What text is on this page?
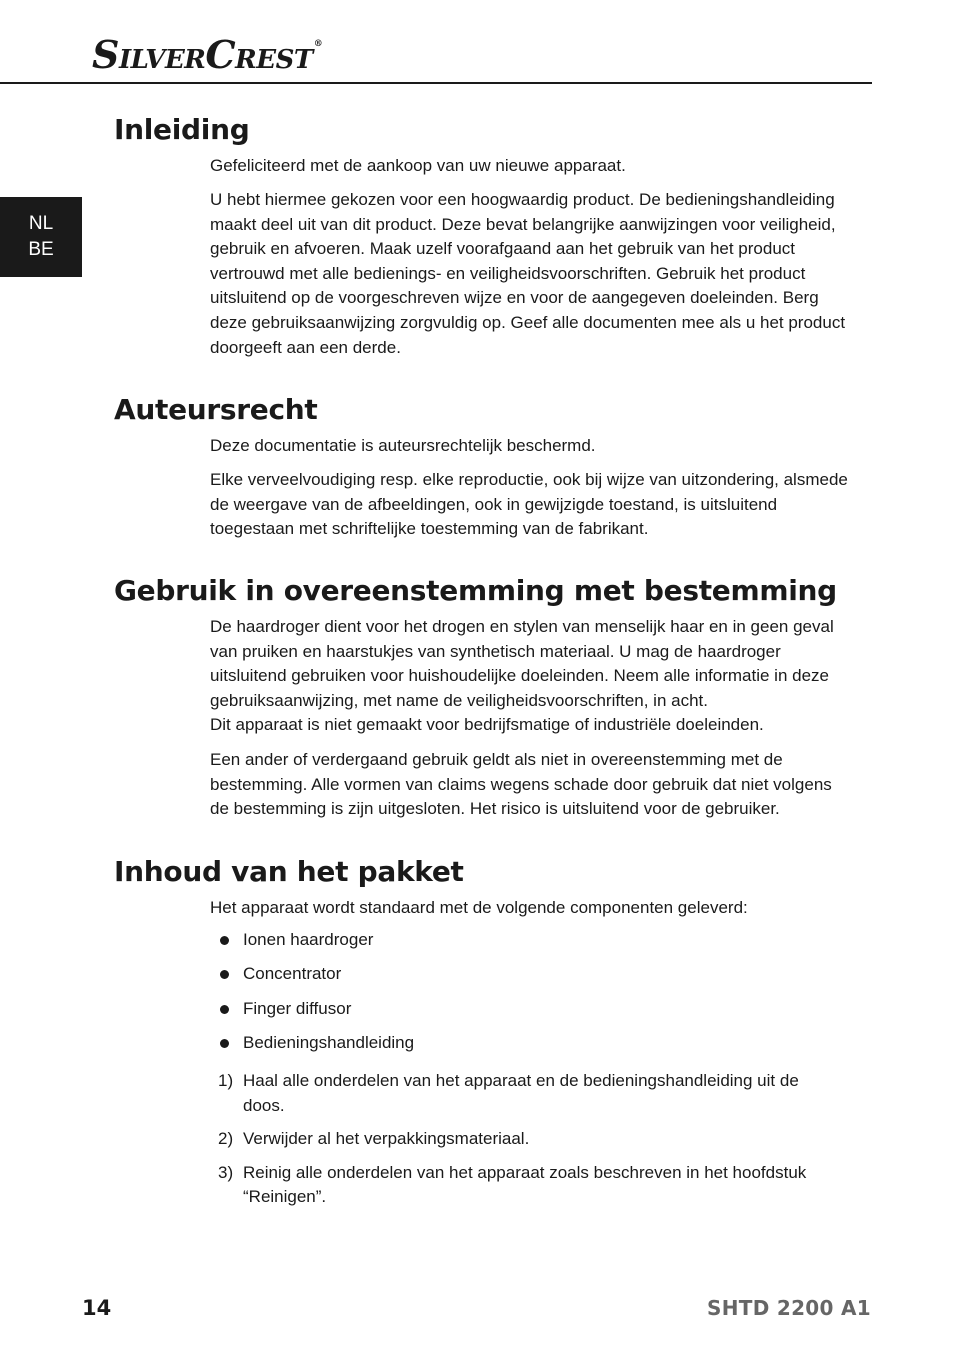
SILVERCREST®
NL
BE
Inleiding

Gefeliciteerd met de aankoop van uw nieuwe apparaat.

U hebt hiermee gekozen voor een hoogwaardig product. De bedieningshandleiding maakt deel uit van dit product. Deze bevat belangrijke aanwijzingen voor veiligheid, gebruik en afvoeren. Maak uzelf voorafgaand aan het gebruik van het product vertrouwd met alle bedienings- en veiligheidsvoorschriften. Gebruik het product uitsluitend op de voorgeschreven wijze en voor de aangegeven doeleinden. Berg deze gebruiksaanwijzing zorgvuldig op. Geef alle documenten mee als u het product doorgeeft aan een derde.

Auteursrecht

Deze documentatie is auteursrechtelijk beschermd.

Elke verveelvoudiging resp. elke reproductie, ook bij wijze van uitzondering, alsmede de weergave van de afbeeldingen, ook in gewijzigde toestand, is uitsluitend toegestaan met schriftelijke toestemming van de fabrikant.

Gebruik in overeenstemming met bestemming
De haardroger dient voor het drogen en stylen van menselijk haar en in geen geval van pruiken en haarstukjes van synthetisch materiaal. U mag de haardroger uitsluitend gebruiken voor huishoudelijke doeleinden. Neem alle informatie in deze gebruiksaanwijzing, met name de veiligheidsvoorschriften, in acht.
Dit apparaat is niet gemaakt voor bedrijfsmatige of industriële doeleinden.

Een ander of verdergaand gebruik geldt als niet in overeenstemming met de bestemming. Alle vormen van claims wegens schade door gebruik dat niet volgens de bestemming is zijn uitgesloten. Het risico is uitsluitend voor de gebruiker.

Inhoud van het pakket

Het apparaat wordt standaard met de volgende componenten geleverd:

Ionen haardroger
Concentrator
Finger diffusor
Bedieningshandleiding
1) Haal alle onderdelen van het apparaat en de bedieningshandleiding uit de doos.
2) Verwijder al het verpakkingsmateriaal.
3) Reinig alle onderdelen van het apparaat zoals beschreven in het hoofdstuk “Reinigen”.
14	SHTD 2200 A1
